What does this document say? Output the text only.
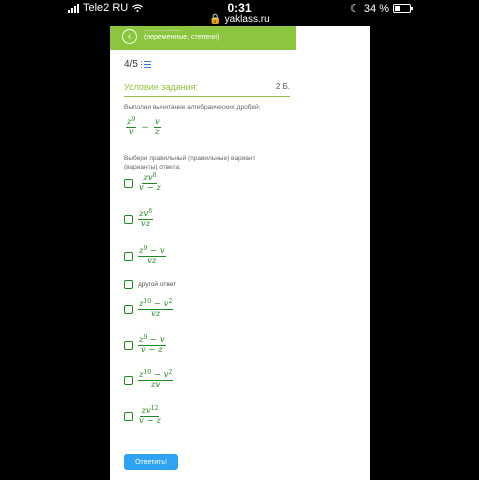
Tele2 RU	0:31
🔒 yaklass.ru
☾ 34 %
‹
...................
(переменные, степени)
4/5
Условие задания:	2 Б.
Выполни вычитание алгебраических дробей:
$\frac{z^9}{v} - \frac{v}{z}$
Выбери правильный (правильные) вариант (варианты) ответа:
$\frac{zv^8}{v - z}$
$\frac{zv^8}{vz}$
$\frac{z^9 - v}{vz}$
другой ответ
$\frac{z^{10} - v^2}{vz}$
$\frac{z^9 - v}{v - z}$
$\frac{z^{10} - v^2}{zv}$
$\frac{zv^{12}}{v - z}$
Ответить!
